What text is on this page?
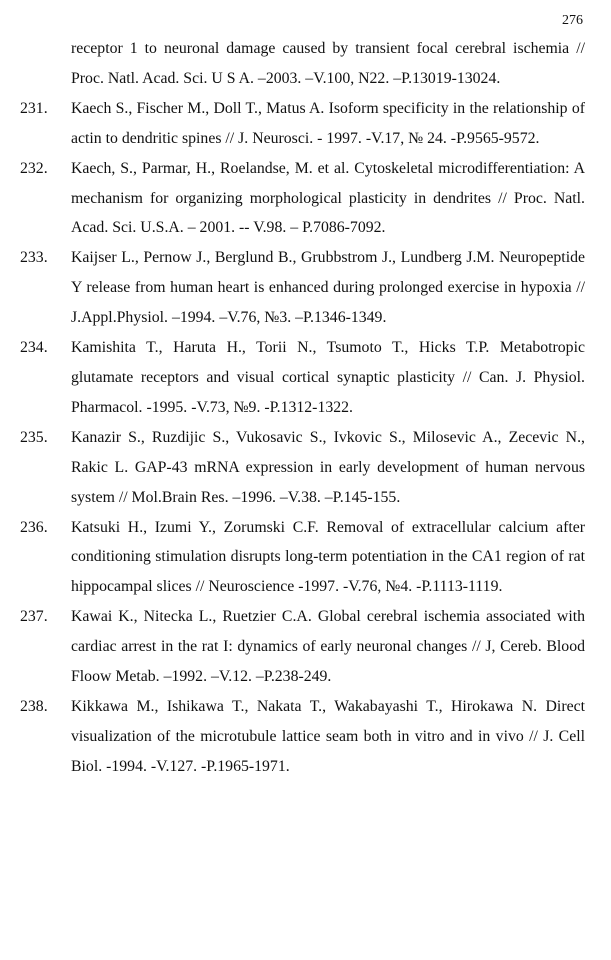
276
receptor 1 to neuronal damage caused by transient focal cerebral ischemia // Proc. Natl. Acad. Sci. U S A. –2003. –V.100, N22. –P.13019-13024.
231.	Kaech S., Fischer M., Doll T., Matus A. Isoform specificity in the relationship of actin to dendritic spines // J. Neurosci. - 1997. -V.17, № 24. -P.9565-9572.
232.	Kaech, S., Parmar, H., Roelandse, M. et al. Cytoskeletal microdifferentiation: A mechanism for organizing morphological plasticity in dendrites // Proc. Natl. Acad. Sci. U.S.A. – 2001. -- V.98. – P.7086-7092.
233.	Kaijser L., Pernow J., Berglund B., Grubbstrom J., Lundberg J.M. Neuropeptide Y release from human heart is enhanced during prolonged exercise in hypoxia // J.Appl.Physiol. –1994. –V.76, №3. –P.1346-1349.
234.	Kamishita T., Haruta H., Torii N., Tsumoto T., Hicks T.P. Metabotropic glutamate receptors and visual cortical synaptic plasticity // Can. J. Physiol. Pharmacol. -1995. -V.73, №9. -P.1312-1322.
235.	Kanazir S., Ruzdijic S., Vukosavic S., Ivkovic S., Milosevic A., Zecevic N., Rakic L. GAP-43 mRNA expression in early development of human nervous system // Mol.Brain Res. –1996. –V.38. –P.145-155.
236.	Katsuki H., Izumi Y., Zorumski C.F. Removal of extracellular calcium after conditioning stimulation disrupts long-term potentiation in the CA1 region of rat hippocampal slices // Neuroscience -1997. -V.76, №4. -P.1113-1119.
237.	Kawai K., Nitecka L., Ruetzier C.A. Global cerebral ischemia associated with cardiac arrest in the rat I: dynamics of early neuronal changes // J, Cereb. Blood Floow Metab. –1992. –V.12. –P.238-249.
238.	Kikkawa M., Ishikawa T., Nakata T., Wakabayashi T., Hirokawa N. Direct visualization of the microtubule lattice seam both in vitro and in vivo // J. Cell Biol. -1994. -V.127. -P.1965-1971.
